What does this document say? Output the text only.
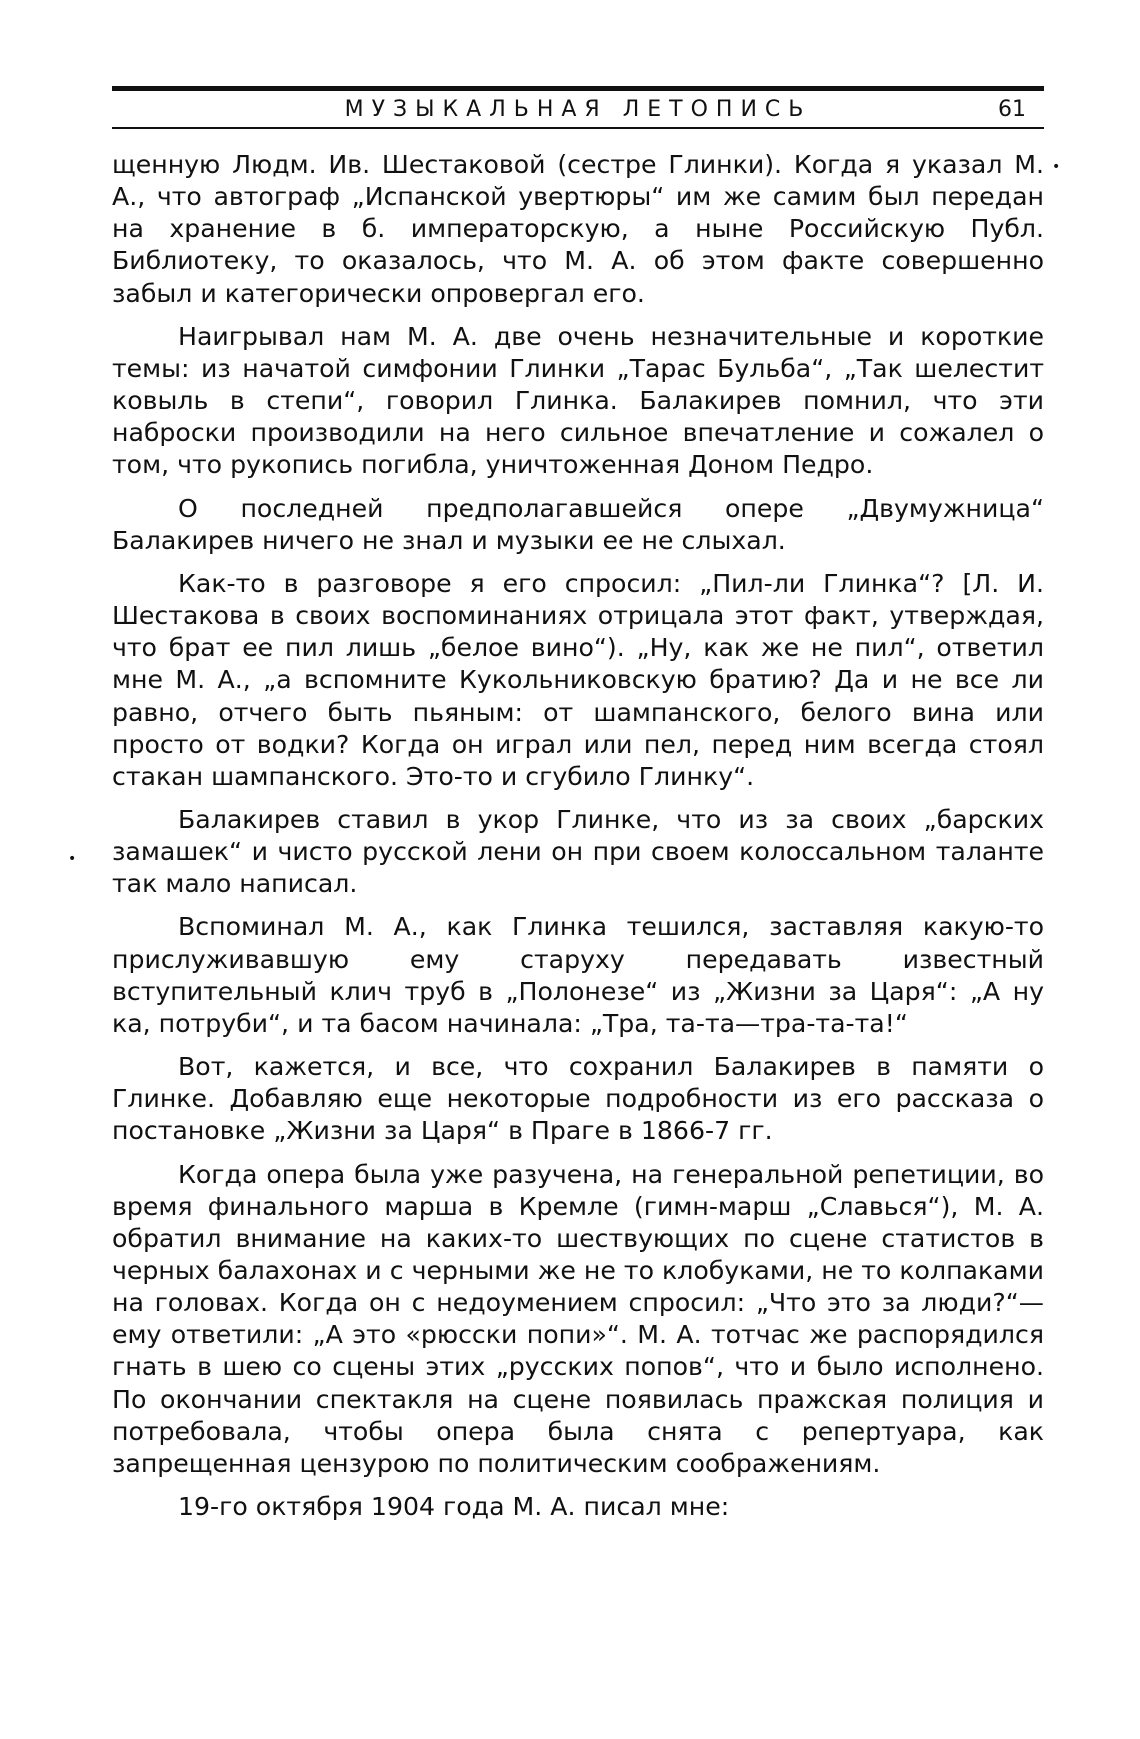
МУЗЫКАЛЬНАЯ ЛЕТОПИСЬ	61
•
•

щенную Людм. Ив. Шестаковой (сестре Глинки). Когда я указал М. А., что автограф „Испанской увертюры“ им же самим был передан на хранение в б. императорскую, а ныне Российскую Публ. Библиотеку, то оказалось, что М. А. об этом факте совершенно забыл и категорически опровергал его.

Наигрывал нам М. А. две очень незначительные и короткие темы: из начатой симфонии Глинки „Тарас Бульба“, „Так шелестит ковыль в степи“, говорил Глинка. Балакирев помнил, что эти наброски производили на него сильное впечатление и сожалел о том, что рукопись погибла, уничтоженная Доном Педро.

О последней предполагавшейся опере „Двумужница“ Балакирев ничего не знал и музыки ее не слыхал.

Как-то в разговоре я его спросил: „Пил-ли Глинка“? [Л. И. Шестакова в своих воспоминаниях отрицала этот факт, утверждая, что брат ее пил лишь „белое вино“). „Ну, как же не пил“, ответил мне М. А., „а вспомните Кукольниковскую братию? Да и не все ли равно, отчего быть пьяным: от шампанского, белого вина или просто от водки? Когда он играл или пел, перед ним всегда стоял стакан шампанского. Это-то и сгубило Глинку“.

Балакирев ставил в укор Глинке, что из за своих „барских замашек“ и чисто русской лени он при своем колоссальном таланте так мало написал.

Вспоминал М. А., как Глинка тешился, заставляя какую-то прислуживавшую ему старуху передавать известный вступительный клич труб в „Полонезе“ из „Жизни за Царя“: „А ну ка, потруби“, и та басом начинала: „Тра, та-та—тра-та-та!“

Вот, кажется, и все, что сохранил Балакирев в памяти о Глинке. Добавляю еще некоторые подробности из его рассказа о постановке „Жизни за Царя“ в Праге в 1866-7 гг.

Когда опера была уже разучена, на генеральной репетиции, во время финального марша в Кремле (гимн-марш „Славься“), М. А. обратил внимание на каких-то шествующих по сцене статистов в черных балахонах и с черными же не то клобуками, не то колпаками на головах. Когда он с недоумением спросил: „Что это за люди?“—ему ответили: „А это «рюсски попи»“. М. А. тотчас же распорядился гнать в шею со сцены этих „русских попов“, что и было исполнено. По окончании спектакля на сцене появилась пражская полиция и потребовала, чтобы опера была снята с репертуара, как запрещенная цензурою по политическим соображениям.

19-го октября 1904 года М. А. писал мне:
